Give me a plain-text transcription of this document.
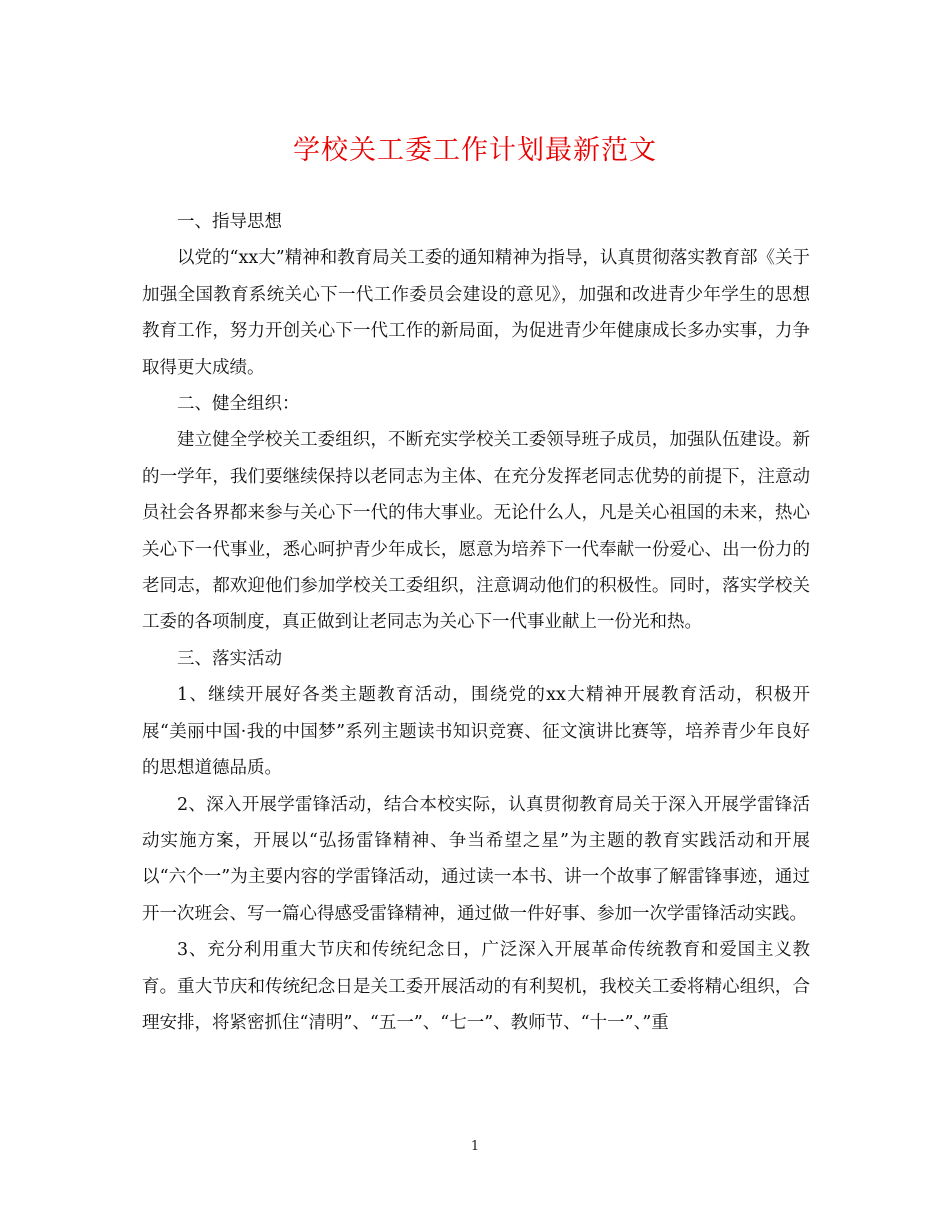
学校关工委工作计划最新范文

一、指导思想

以党的“xx大”精神和教育局关工委的通知精神为指导，认真贯彻落实教育部《关于加强全国教育系统关心下一代工作委员会建设的意见》，加强和改进青少年学生的思想教育工作，努力开创关心下一代工作的新局面，为促进青少年健康成长多办实事，力争取得更大成绩。

二、健全组织：

建立健全学校关工委组织，不断充实学校关工委领导班子成员，加强队伍建设。新的一学年，我们要继续保持以老同志为主体、在充分发挥老同志优势的前提下，注意动员社会各界都来参与关心下一代的伟大事业。无论什么人，凡是关心祖国的未来，热心关心下一代事业，悉心呵护青少年成长，愿意为培养下一代奉献一份爱心、出一份力的老同志，都欢迎他们参加学校关工委组织，注意调动他们的积极性。同时，落实学校关工委的各项制度，真正做到让老同志为关心下一代事业献上一份光和热。

三、落实活动

1、继续开展好各类主题教育活动，围绕党的xx大精神开展教育活动，积极开展“美丽中国·我的中国梦”系列主题读书知识竞赛、征文演讲比赛等，培养青少年良好的思想道德品质。

2、深入开展学雷锋活动，结合本校实际，认真贯彻教育局关于深入开展学雷锋活动实施方案，开展以“弘扬雷锋精神、争当希望之星”为主题的教育实践活动和开展以“六个一”为主要内容的学雷锋活动，通过读一本书、讲一个故事了解雷锋事迹，通过开一次班会、写一篇心得感受雷锋精神，通过做一件好事、参加一次学雷锋活动实践。

3、充分利用重大节庆和传统纪念日，广泛深入开展革命传统教育和爱国主义教育。重大节庆和传统纪念日是关工委开展活动的有利契机，我校关工委将精心组织，合理安排，将紧密抓住“清明”、“五一”、“七一”、教师节、“十一”、”重

1
